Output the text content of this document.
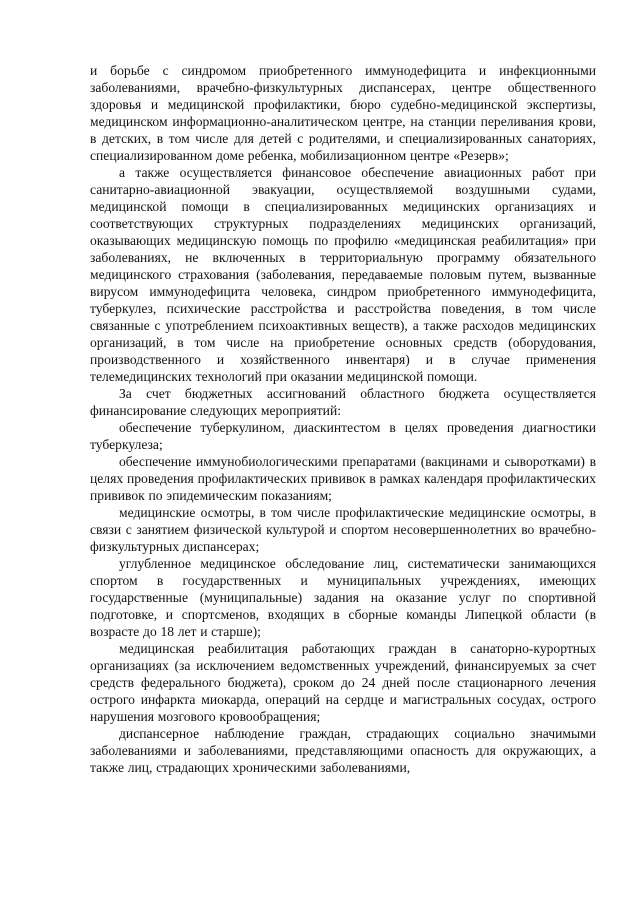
и борьбе с синдромом приобретенного иммунодефицита и инфекционными заболеваниями, врачебно-физкультурных диспансерах, центре общественного здоровья и медицинской профилактики, бюро судебно-медицинской экспертизы, медицинском информационно-аналитическом центре, на станции переливания крови, в детских, в том числе для детей с родителями, и специализированных санаториях, специализированном доме ребенка, мобилизационном центре «Резерв»;

а также осуществляется финансовое обеспечение авиационных работ при санитарно-авиационной эвакуации, осуществляемой воздушными судами, медицинской помощи в специализированных медицинских организациях и соответствующих структурных подразделениях медицинских организаций, оказывающих медицинскую помощь по профилю «медицинская реабилитация» при заболеваниях, не включенных в территориальную программу обязательного медицинского страхования (заболевания, передаваемые половым путем, вызванные вирусом иммунодефицита человека, синдром приобретенного иммунодефицита, туберкулез, психические расстройства и расстройства поведения, в том числе связанные с употреблением психоактивных веществ), а также расходов медицинских организаций, в том числе на приобретение основных средств (оборудования, производственного и хозяйственного инвентаря) и в случае применения телемедицинских технологий при оказании медицинской помощи.

За счет бюджетных ассигнований областного бюджета осуществляется финансирование следующих мероприятий:

обеспечение туберкулином, диаскинтестом в целях проведения диагностики туберкулеза;

обеспечение иммунобиологическими препаратами (вакцинами и сыворотками) в целях проведения профилактических прививок в рамках календаря профилактических прививок по эпидемическим показаниям;

медицинские осмотры, в том числе профилактические медицинские осмотры, в связи с занятием физической культурой и спортом несовершеннолетних во врачебно-физкультурных диспансерах;

углубленное медицинское обследование лиц, систематически занимающихся спортом в государственных и муниципальных учреждениях, имеющих государственные (муниципальные) задания на оказание услуг по спортивной подготовке, и спортсменов, входящих в сборные команды Липецкой области (в возрасте до 18 лет и старше);

медицинская реабилитация работающих граждан в санаторно-курортных организациях (за исключением ведомственных учреждений, финансируемых за счет средств федерального бюджета), сроком до 24 дней после стационарного лечения острого инфаркта миокарда, операций на сердце и магистральных сосудах, острого нарушения мозгового кровообращения;

диспансерное наблюдение граждан, страдающих социально значимыми заболеваниями и заболеваниями, представляющими опасность для окружающих, а также лиц, страдающих хроническими заболеваниями,
